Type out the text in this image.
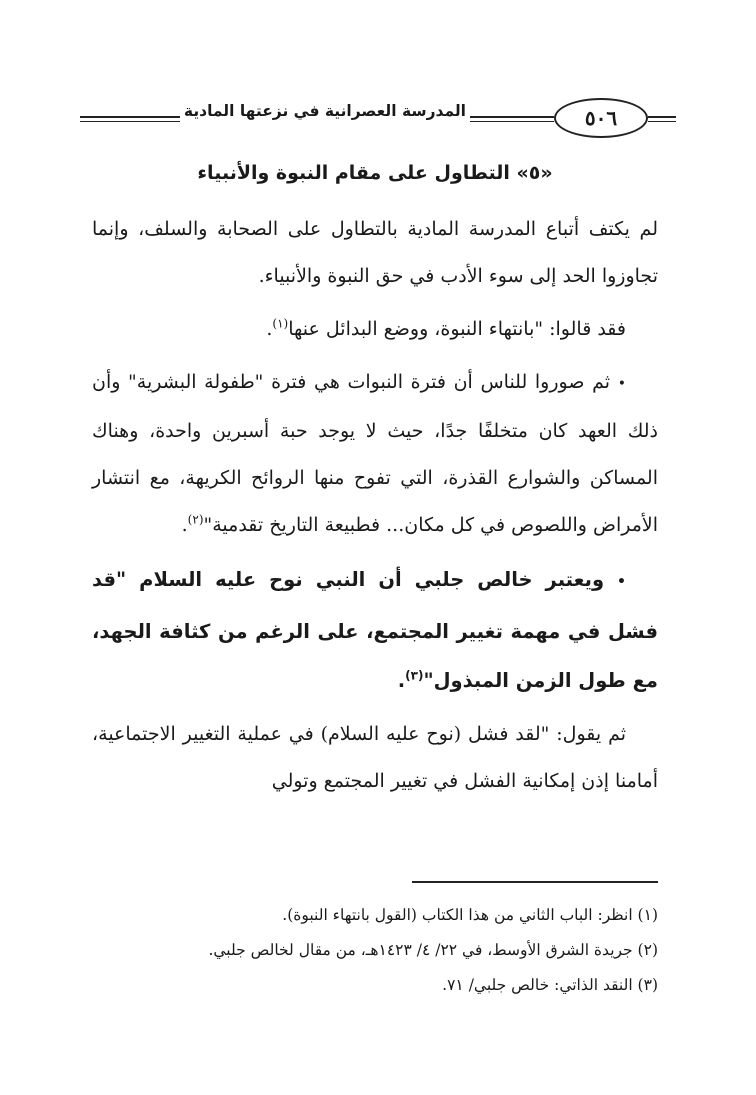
المدرسة العصرانية في نزعتها المادية	٥٠٦
«٥» التطاول على مقام النبوة والأنبياء

لم يكتف أتباع المدرسة المادية بالتطاول على الصحابة والسلف، وإنما تجاوزوا الحد إلى سوء الأدب في حق النبوة والأنبياء.

فقد قالوا: "بانتهاء النبوة، ووضع البدائل عنها$^{(١)}$.

• ثم صوروا للناس أن فترة النبوات هي فترة "طفولة البشرية" وأن ذلك العهد كان متخلفًا جدًا، حيث لا يوجد حبة أسبرين واحدة، وهناك المساكن والشوارع القذرة، التي تفوح منها الروائح الكريهة، مع انتشار الأمراض واللصوص في كل مكان... فطبيعة التاريخ تقدمية"$^{(٢)}$.

• ويعتبر خالص جلبي أن النبي نوح عليه السلام "قد فشل في مهمة تغيير المجتمع، على الرغم من كثافة الجهد، مع طول الزمن المبذول"$^{(٣)}$.

ثم يقول: "لقد فشل (نوح عليه السلام) في عملية التغيير الاجتماعية، أمامنا إذن إمكانية الفشل في تغيير المجتمع وتولي

(١) انظر: الباب الثاني من هذا الكتاب (القول بانتهاء النبوة).
(٢) جريدة الشرق الأوسط، في ٢٢/ ٤/ ١٤٢٣هـ، من مقال لخالص جلبي.
(٣) النقد الذاتي: خالص جلبي/ ٧١.
